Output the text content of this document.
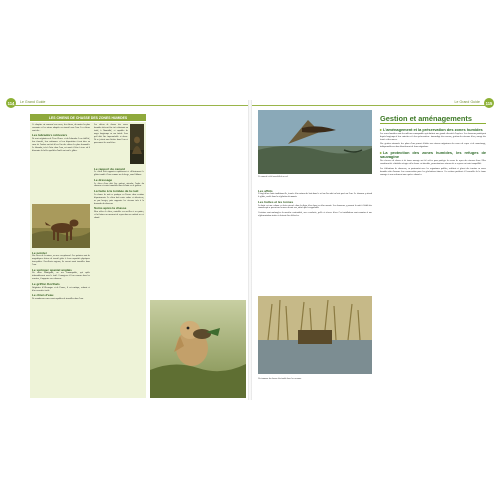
114	Le Grand Guide
LES CHIENS DE CHASSE DES ZONES HUMIDES

Ce chapitre est consacré aux races, des chiens, du moins les plus courantes et les mieux adaptées au travail sous l'eau. Les chiens sont des...

Les labradors retrievers

Ils sont originaires de Terre-Neuve et du Labrador. Leur fidélité, leur ténacité, leur endurance et leur disposition à tout faire au cœur de l'action ont fait d'eux l'un des chiens les plus demandés. Le labrador, très à l'aise dans l'eau, est aussi à l'aise à terre où il démontre de belles qualités d'arrêt sur tout le gibier.

Le pointer

Une force de la nature, un nez exceptionnel. Les pointers sont de magnifiques chiens de travail grâce à leurs capacités physiques incroyables. Excellents nageurs, ils savent aussi travailler dans l'eau.

Le springer spaniel anglais

Un chien infatigable, au nez remarquable, qui quête inlassablement sous le fusil. Courageux à l'eau comme dans les ronciers, il rapporte avec douceur.

Le griffon Korthals

Originaire d'Allemagne et de France, il est rustique, robuste et d'un caractère facile.

Le chien d'eau

De nombreuses races sont capables de travailler dans l'eau.

Les chiens de chasse des zones humides doivent être très résistants au froid, à l'humidité, et capables de nager longtemps en eau froide. Leur poil doit être imperméable et dense. Ils se jettent sans hésiter dans l'eau et parcourent les roselières.

Le rapport du canard

Le chien doit rapporter rapidement et délicatement le gibier tombé à l'eau comme sur la berge, sans l'abîmer.

Le dressage

Le chien d'eau doit être patient, attendre l'ordre du chasseur et rester immobile dans la hutte ou le gabion.

La hutte à la tombée de la nuit

La chasse de nuit se pratique en France dans certains départements. Le chien doit rester calme et silencieux, ne pas bouger, puis rapporter les oiseaux tués à la demande du chasseur.

Soins après la chasse

Bien sécher le chien, contrôler ses oreilles et ses pattes, et lui laisser un moment de repos dans un endroit sec et chaud.

115
Le Grand Guide
Ce canard a été immobilisé en vol.
Les affûts

Il s'agit d'une hutte traditionnelle, fermée d'un caisson de bois dans le sol ou d'un abri en bois posé sur l'eau. Le chasseur y attend le gibier, caché dans la végétation du marais.

Les huttes et les tonnes

La hutte est une cabane en bois enterrée dans la digue d'un étang ou d'un marais. Les chasseurs y passent la nuit à l'affût des canards qui se posent sur la mare devant eux, attirés par les appelants.

Certaines sont aménagées de manière confortable, avec couchette, poêle et réserve d'eau. Ces installations sont soumises à une réglementation stricte et doivent être déclarées.

Un tonneau de chasse dissimulé dans les roseaux.
Gestion et aménagements
▸L'aménagement et la préservation des zones humides

Les zones humides sont des milieux remarquables qui abritent une grande diversité d'espèces. Les chasseurs participent depuis longtemps à leur entretien et à leur préservation : faucardage des roseaux, gestion des niveaux d'eau, curage des fossés et des mares.

Une gestion raisonnée des plans d'eau permet d'offrir aux oiseaux migrateurs des zones de repos et de nourrissage, indispensables au bon déroulement de leurs migrations.

▸La protection des zones humides, les refuges de sauvagine

Des réserves de chasse et de faune sauvage ont été créées pour protéger les zones de repos des oiseaux d'eau. Elles constituent de véritables refuges où la chasse est interdite, permettant aux oiseaux de se reposer en toute tranquillité.

Les fédérations de chasseurs, en partenariat avec les organismes publics, achètent et gèrent des terrains en zones humides afin d'assurer leur conservation pour les générations futures. Ces actions profitent à l'ensemble de la faune sauvage et non seulement aux espèces chassées.
